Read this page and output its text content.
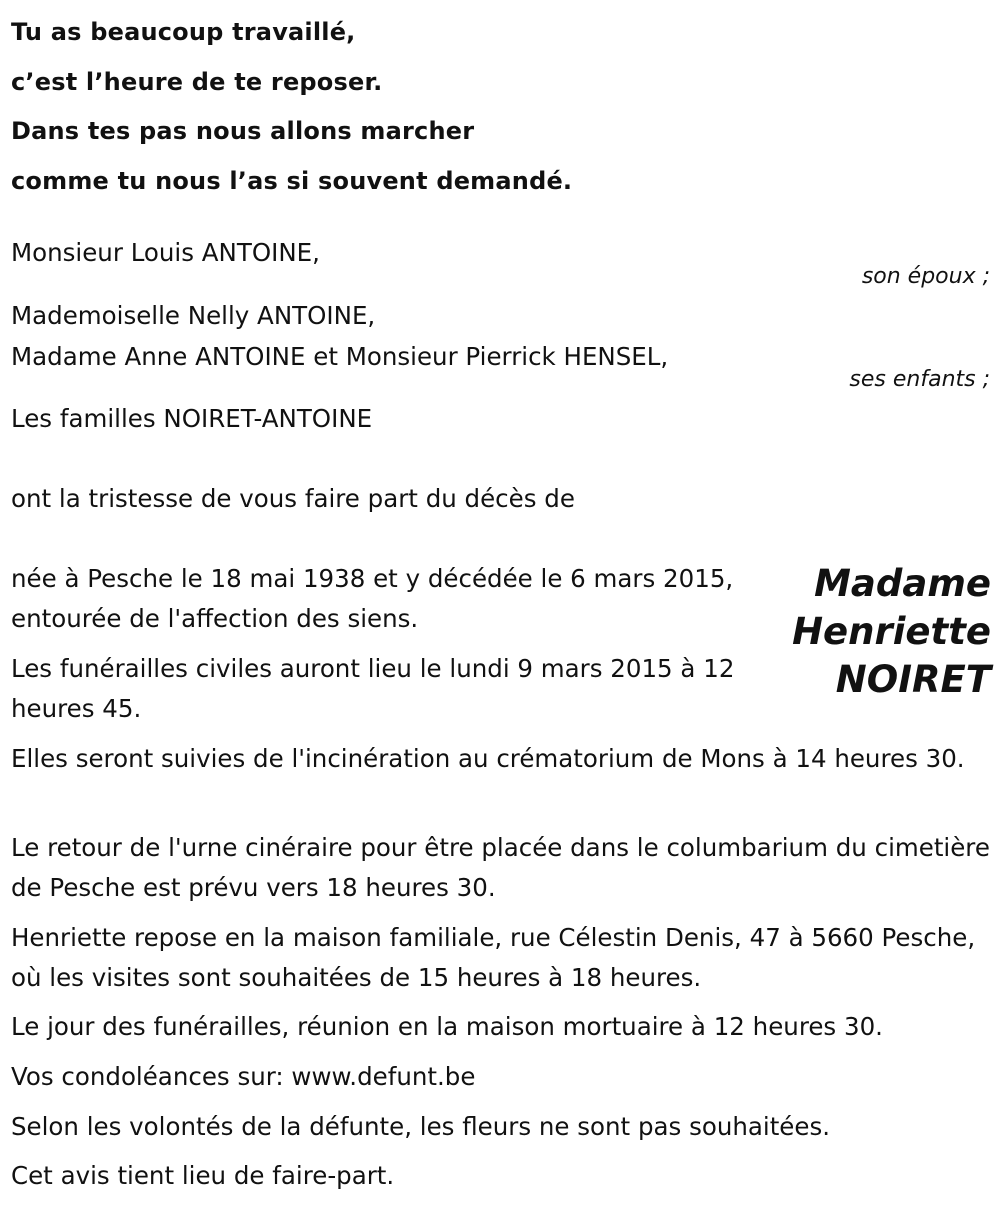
Tu as beaucoup travaillé,

c’est l’heure de te reposer.

Dans tes pas nous allons marcher

comme tu nous l’as si souvent demandé.

Monsieur Louis ANTOINE,

son époux ;

Mademoiselle Nelly ANTOINE,

Madame Anne ANTOINE et Monsieur Pierrick HENSEL,

ses enfants ;

Les familles NOIRET-ANTOINE

ont la tristesse de vous faire part du décès de

née à Pesche le 18 mai 1938 et y décédée le 6 mars 2015, entourée de l'affection des siens.

Madame
Henriette
NOIRET

Les funérailles civiles auront lieu le lundi 9 mars 2015 à 12 heures 45.

Elles seront suivies de l'incinération au crématorium de Mons à 14 heures 30.

Le retour de l'urne cinéraire pour être placée dans le columbarium du cimetière de Pesche est prévu vers 18 heures 30.

Henriette repose en la maison familiale, rue Célestin Denis, 47 à 5660 Pesche, où les visites sont souhaitées de 15 heures à 18 heures.

Le jour des funérailles, réunion en la maison mortuaire à 12 heures 30.

Vos condoléances sur: www.defunt.be

Selon les volontés de la défunte, les fleurs ne sont pas souhaitées.

Cet avis tient lieu de faire-part.
